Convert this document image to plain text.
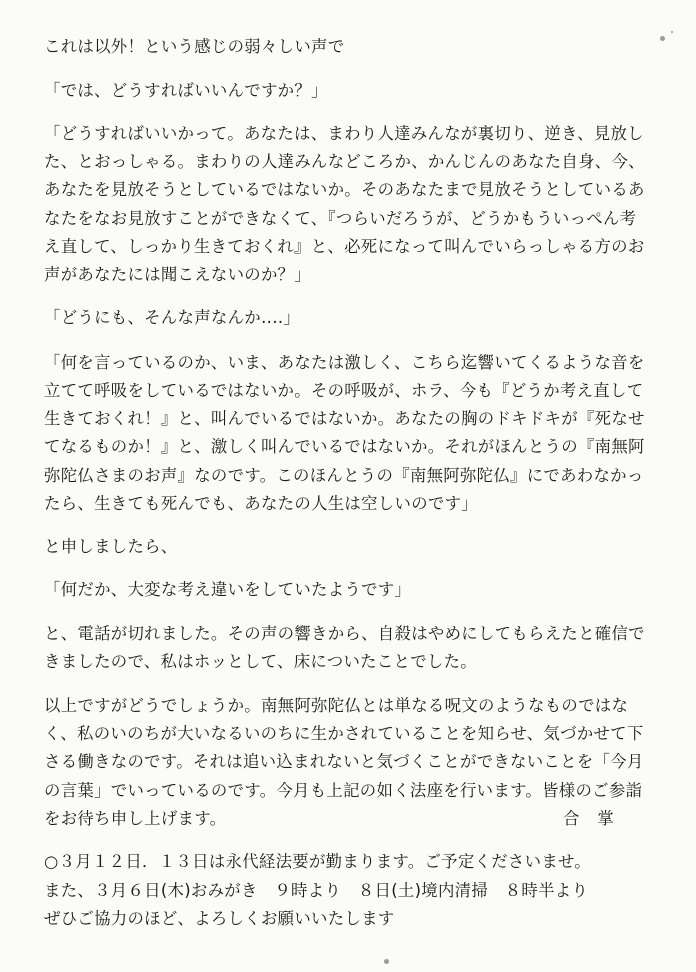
これは以外！という感じの弱々しい声で
「では、どうすればいいんですか？」
「どうすればいいかって。あなたは、まわり人達みんなが裏切り、逆き、見放し
た、とおっしゃる。まわりの人達みんなどころか、かんじんのあなた自身、今、
あなたを見放そうとしているではないか。そのあなたまで見放そうとしているあ
なたをなお見放すことができなくて、『つらいだろうが、どうかもういっぺん考
え直して、しっかり生きておくれ』と、必死になって叫んでいらっしゃる方のお
声があなたには聞こえないのか？」
「どうにも、そんな声なんか‥‥」
「何を言っているのか、いま、あなたは激しく、こちら迄響いてくるような音を
立てて呼吸をしているではないか。その呼吸が、ホラ、今も『どうか考え直して
生きておくれ！』と、叫んでいるではないか。あなたの胸のドキドキが『死なせ
てなるものか！』と、激しく叫んでいるではないか。それがほんとうの『南無阿
弥陀仏さまのお声』なのです。このほんとうの『南無阿弥陀仏』にであわなかっ
たら、生きても死んでも、あなたの人生は空しいのです」
と申しましたら、
「何だか、大変な考え違いをしていたようです」
と、電話が切れました。その声の響きから、自殺はやめにしてもらえたと確信で
きましたので、私はホッとして、床についたことでした。
以上ですがどうでしょうか。南無阿弥陀仏とは単なる呪文のようなものではな
く、私のいのちが大いなるいのちに生かされていることを知らせ、気づかせて下
さる働きなのです。それは追い込まれないと気づくことができないことを「今月
の言葉」でいっているのです。今月も上記の如く法座を行います。皆様のご参詣
をお待ち申し上げます。	合掌
○３月１２日．１３日は永代経法要が勤まります。ご予定くださいませ。
また、３月６日(木)おみがき　９時より　８日(土)境内清掃　８時半より
ぜひご協力のほど、よろしくお願いいたします
